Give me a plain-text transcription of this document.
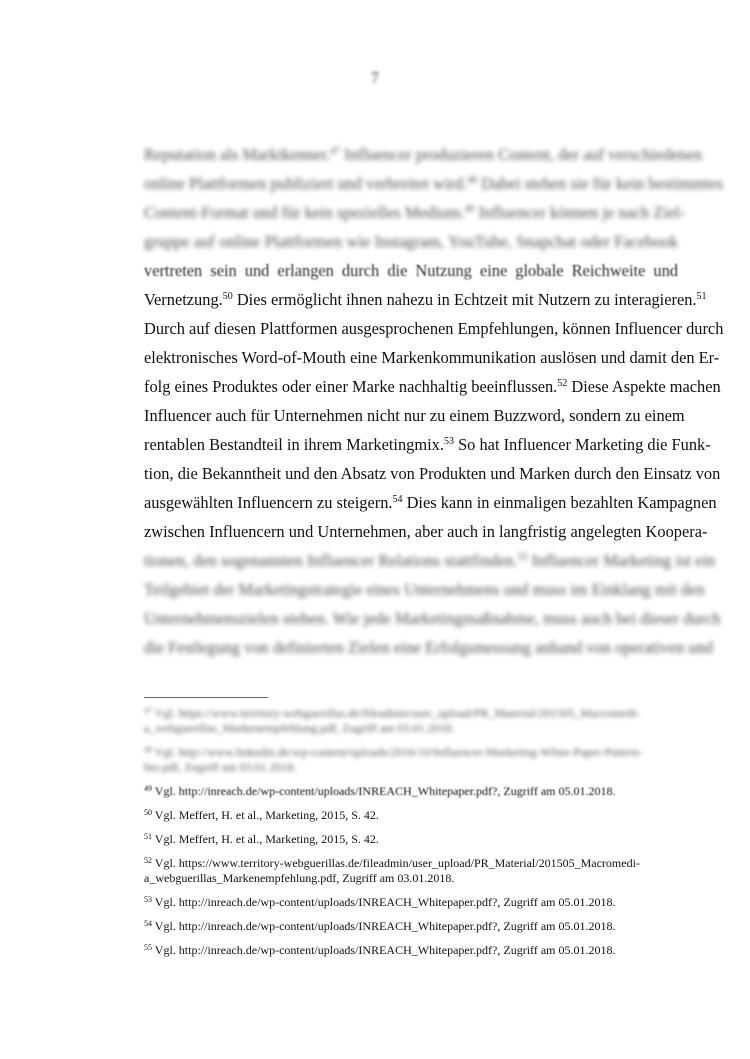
7
Reputation als Marktkenner.$^{47}$ Influencer produzieren Content, der auf verschiedenen
online Plattformen publiziert und verbreitet wird.$^{48}$ Dabei stehen sie für kein bestimmtes
Content-Format und für kein spezielles Medium.$^{49}$ Influencer können je nach Ziel-
gruppe auf online Plattformen wie Instagram, YouTube, Snapchat oder Facebook
vertreten sein und erlangen durch die Nutzung eine globale Reichweite und
Vernetzung.$^{50}$ Dies ermöglicht ihnen nahezu in Echtzeit mit Nutzern zu interagieren.$^{51}$
Durch auf diesen Plattformen ausgesprochenen Empfehlungen, können Influencer durch
elektronisches Word-of-Mouth eine Markenkommunikation auslösen und damit den Er-
folg eines Produktes oder einer Marke nachhaltig beeinflussen.$^{52}$ Diese Aspekte machen
Influencer auch für Unternehmen nicht nur zu einem Buzzword, sondern zu einem
rentablen Bestandteil in ihrem Marketingmix.$^{53}$ So hat Influencer Marketing die Funk-
tion, die Bekanntheit und den Absatz von Produkten und Marken durch den Einsatz von
ausgewählten Influencern zu steigern.$^{54}$ Dies kann in einmaligen bezahlten Kampagnen
zwischen Influencern und Unternehmen, aber auch in langfristig angelegten Koopera-
tionen, den sogenannten Influencer Relations stattfinden.$^{55}$ Influencer Marketing ist ein
Teilgebiet der Marketingstrategie eines Unternehmens und muss im Einklang mit den
Unternehmenszielen stehen. Wie jede Marketingmaßnahme, muss auch bei dieser durch
die Festlegung von definierten Zielen eine Erfolgsmessung anhand von operativen und
$^{47}$ Vgl. https://www.territory-webguerillas.de/fileadmin/user_upload/PR_Material/201505_Macromedi-
a_webguerillas_Markenempfehlung.pdf, Zugriff am 03.01.2018.
$^{48}$ Vgl. http://www.linkedin.de/wp-content/uploads/2016/10/Influencer-Marketing-White-Paper-Pattern-
bio.pdf, Zugriff am 03.01.2018.
$^{49}$ Vgl. http://inreach.de/wp-content/uploads/INREACH_Whitepaper.pdf?, Zugriff am 05.01.2018.
$^{50}$ Vgl. Meffert, H. et al., Marketing, 2015, S. 42.
$^{51}$ Vgl. Meffert, H. et al., Marketing, 2015, S. 42.
$^{52}$ Vgl. https://www.territory-webguerillas.de/fileadmin/user_upload/PR_Material/201505_Macromedi-
a_webguerillas_Markenempfehlung.pdf, Zugriff am 03.01.2018.
$^{53}$ Vgl. http://inreach.de/wp-content/uploads/INREACH_Whitepaper.pdf?, Zugriff am 05.01.2018.
$^{54}$ Vgl. http://inreach.de/wp-content/uploads/INREACH_Whitepaper.pdf?, Zugriff am 05.01.2018.
$^{55}$ Vgl. http://inreach.de/wp-content/uploads/INREACH_Whitepaper.pdf?, Zugriff am 05.01.2018.
